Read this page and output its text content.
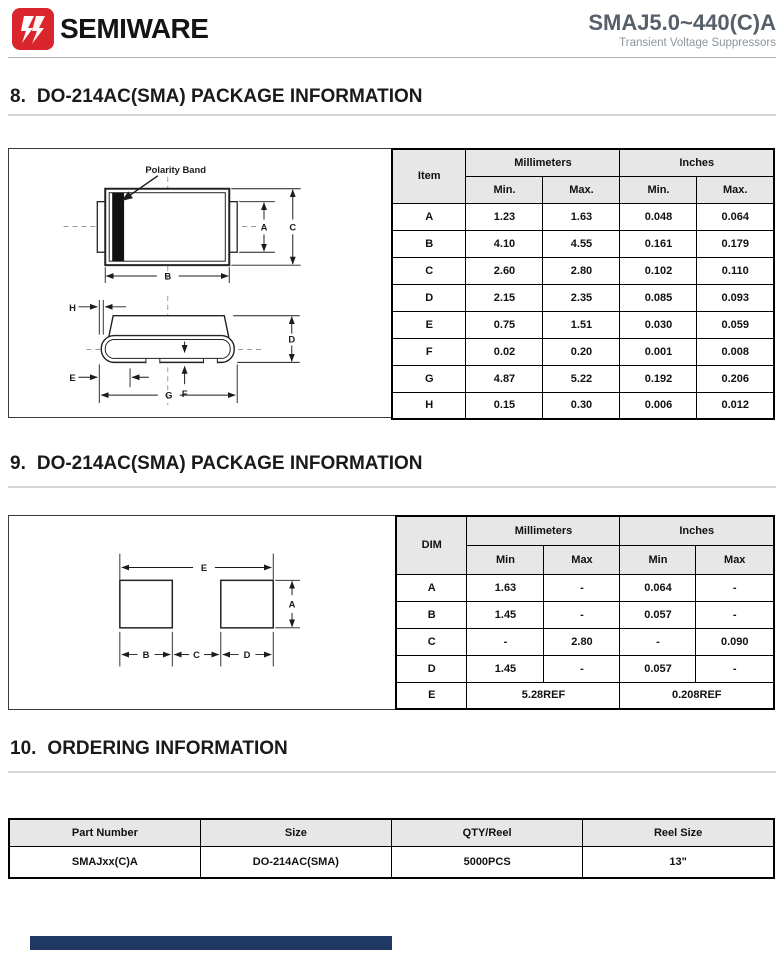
SEMIWARE	SMAJ5.0~440(C)A
Transient Voltage Suppressors
8. DO-214AC(SMA) PACKAGE INFORMATION
Polarity Band
A C
B
H
D
E
F
G
Item	Millimeters		Inches	
	Min.	Max.	Min.	Max.
A	1.23	1.63	0.048	0.064
B	4.10	4.55	0.161	0.179
C	2.60	2.80	0.102	0.110
D	2.15	2.35	0.085	0.093
E	0.75	1.51	0.030	0.059
F	0.02	0.20	0.001	0.008
G	4.87	5.22	0.192	0.206
H	0.15	0.30	0.006	0.012
9. DO-214AC(SMA) PACKAGE INFORMATION
E
A
B	C	D
DIM	Millimeters		Inches	
	Min	Max	Min	Max
A	1.63	-	0.064	-
B	1.45	-	0.057	-
C	-	2.80	-	0.090
D	1.45	-	0.057	-
E	5.28REF		0.208REF	
10. ORDERING INFORMATION
Part Number	Size	QTY/Reel	Reel Size
SMAJxx(C)A	DO-214AC(SMA)	5000PCS	13"
